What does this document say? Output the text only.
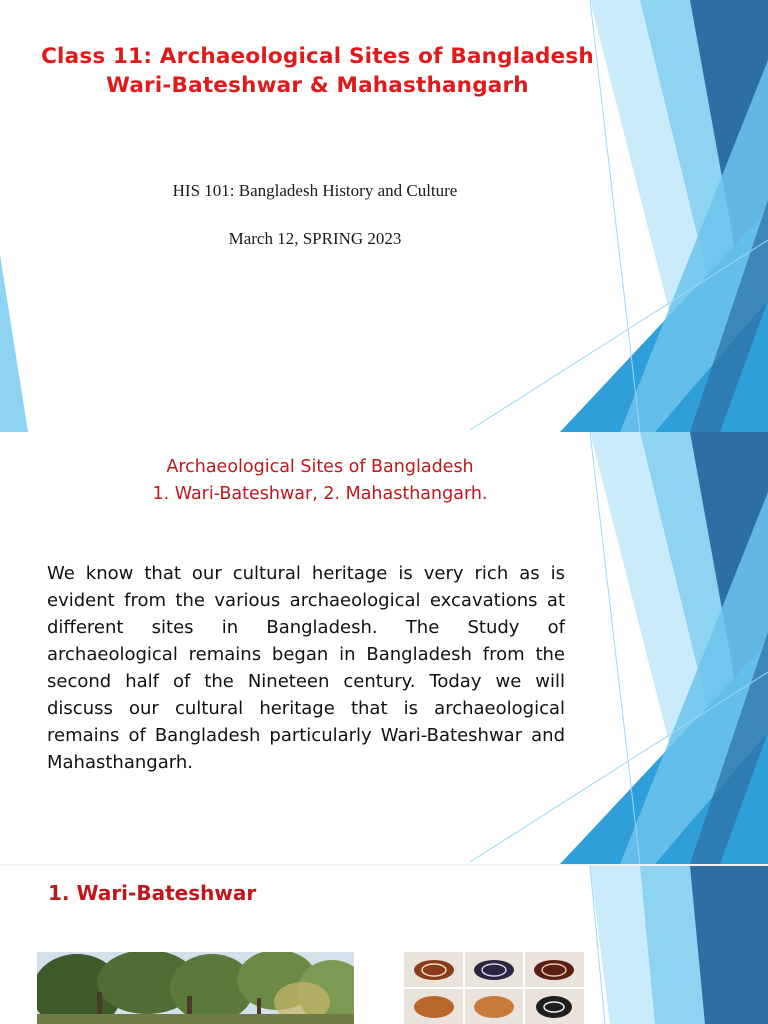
Class 11: Archaeological Sites of Bangladesh
Wari-Bateshwar & Mahasthangarh
HIS 101: Bangladesh History and Culture
March 12, SPRING 2023
Archaeological Sites of Bangladesh
1. Wari-Bateshwar, 2. Mahasthangarh.
We know that our cultural heritage is very rich as is evident from the various archaeological excavations at different sites in Bangladesh. The Study of archaeological remains began in Bangladesh from the second half of the Nineteen century. Today we will discuss our cultural heritage that is archaeological remains of Bangladesh particularly Wari-Bateshwar and Mahasthangarh.
1. Wari-Bateshwar
